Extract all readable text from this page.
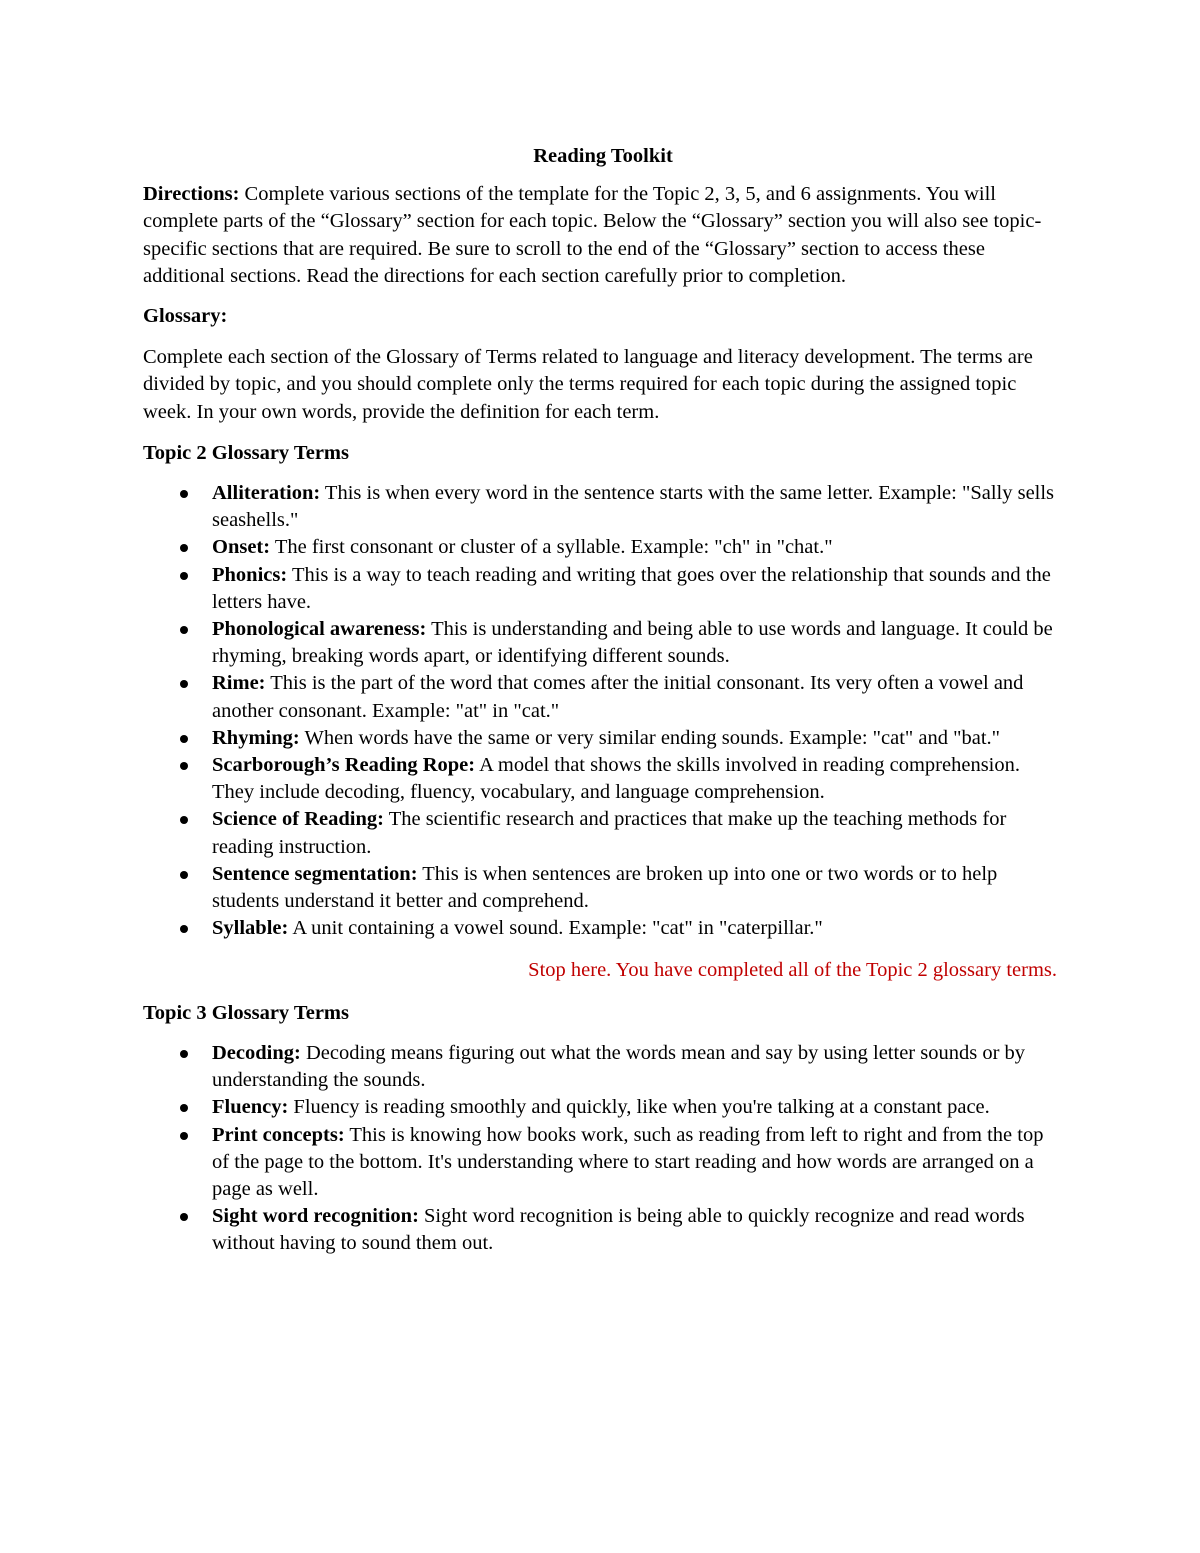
Reading Toolkit

Directions: Complete various sections of the template for the Topic 2, 3, 5, and 6 assignments. You will complete parts of the “Glossary” section for each topic. Below the “Glossary” section you will also see topic-specific sections that are required. Be sure to scroll to the end of the “Glossary” section to access these additional sections. Read the directions for each section carefully prior to completion.

Glossary:

Complete each section of the Glossary of Terms related to language and literacy development. The terms are divided by topic, and you should complete only the terms required for each topic during the assigned topic week. In your own words, provide the definition for each term.

Topic 2 Glossary Terms

Alliteration: This is when every word in the sentence starts with the same letter. Example: "Sally sells seashells."
Onset: The first consonant or cluster of a syllable. Example: "ch" in "chat."
Phonics: This is a way to teach reading and writing that goes over the relationship that sounds and the letters have.
Phonological awareness: This is understanding and being able to use words and language. It could be rhyming, breaking words apart, or identifying different sounds.
Rime: This is the part of the word that comes after the initial consonant. Its very often a vowel and another consonant. Example: "at" in "cat."
Rhyming: When words have the same or very similar ending sounds. Example: "cat" and "bat."
Scarborough’s Reading Rope: A model that shows the skills involved in reading comprehension. They include decoding, fluency, vocabulary, and language comprehension.
Science of Reading: The scientific research and practices that make up the teaching methods for reading instruction.
Sentence segmentation: This is when sentences are broken up into one or two words or to help students understand it better and comprehend.
Syllable: A unit containing a vowel sound. Example: "cat" in "caterpillar."

Stop here. You have completed all of the Topic 2 glossary terms.

Topic 3 Glossary Terms

Decoding: Decoding means figuring out what the words mean and say by using letter sounds or by understanding the sounds.
Fluency: Fluency is reading smoothly and quickly, like when you're talking at a constant pace.
Print concepts: This is knowing how books work, such as reading from left to right and from the top of the page to the bottom. It's understanding where to start reading and how words are arranged on a page as well.
Sight word recognition: Sight word recognition is being able to quickly recognize and read words without having to sound them out.
